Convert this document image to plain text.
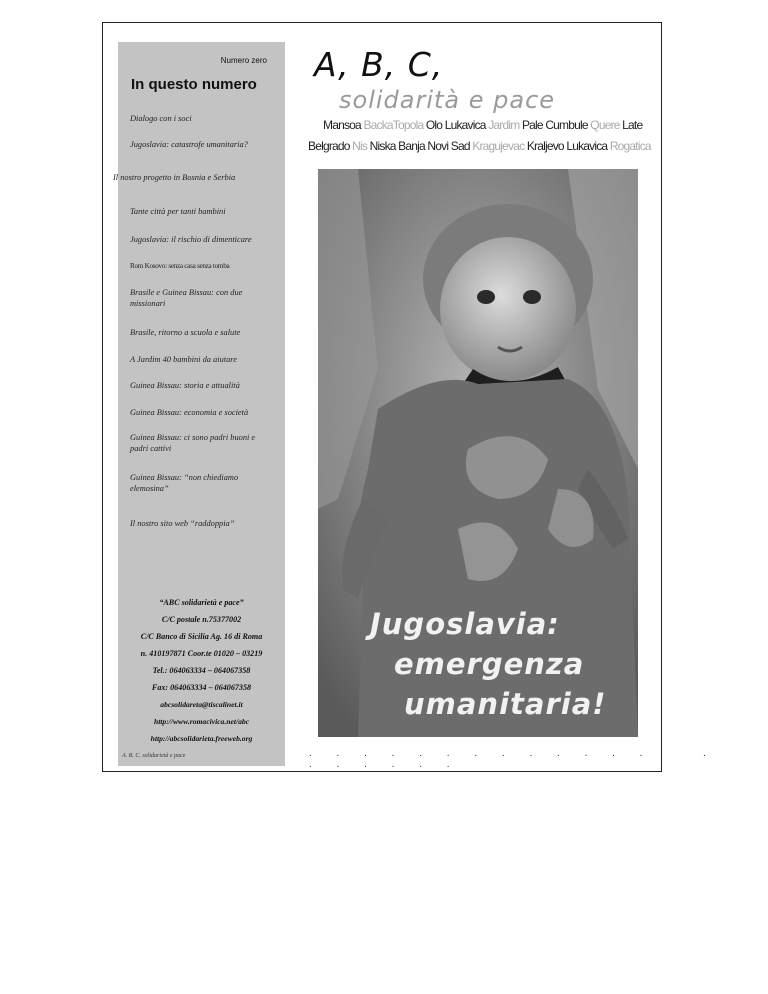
Numero zero
In questo numero
Dialogo con i soci
Jugoslavia: catastrofe umanitaria?
Il nostro progetto in Bosnia e Serbia
Tante città per tanti bambini
Jugoslavia: il rischio di dimenticare
Rom Kosovo: senza casa senza tomba
Brasile e Guinea Bissau: con due missionari
Brasile, ritorno a scuola e salute
A Jardim 40 bambini da aiutare
Guinea Bissau: storia e attualità
Guinea Bissau: economia e società
Guinea Bissau: ci sono padri buoni e padri cattivi
Guinea Bissau: “non chiediamo elemosina”
Il nostro sito web “raddoppia”
“ABC solidarietà e pace”
C/C postale n.75377002
C/C Banco di Sicilia Ag. 16 di Roma
n. 410197871 Coor.te 01020 – 03219
Tel.: 064063334 – 064067358
Fax: 064063334 – 064067358
abcsolidareta@tiscalinet.it
http://www.romacivica.net/abc
http://abcsolidarieta.freeweb.org
A. B. C. solidarietà e pace
A, B, C,
solidarità e pace
Mansoa BackaTopola Olo Lukavica Jardim Pale Cumbule Quere Late
Belgrado Nis Niska Banja Novi Sad Kragujevac Kraljevo Lukavica Rogatica
Jugoslavia:
emergenza
umanitaria!
. . . . . . . . . . . . . . . . . . .
.
